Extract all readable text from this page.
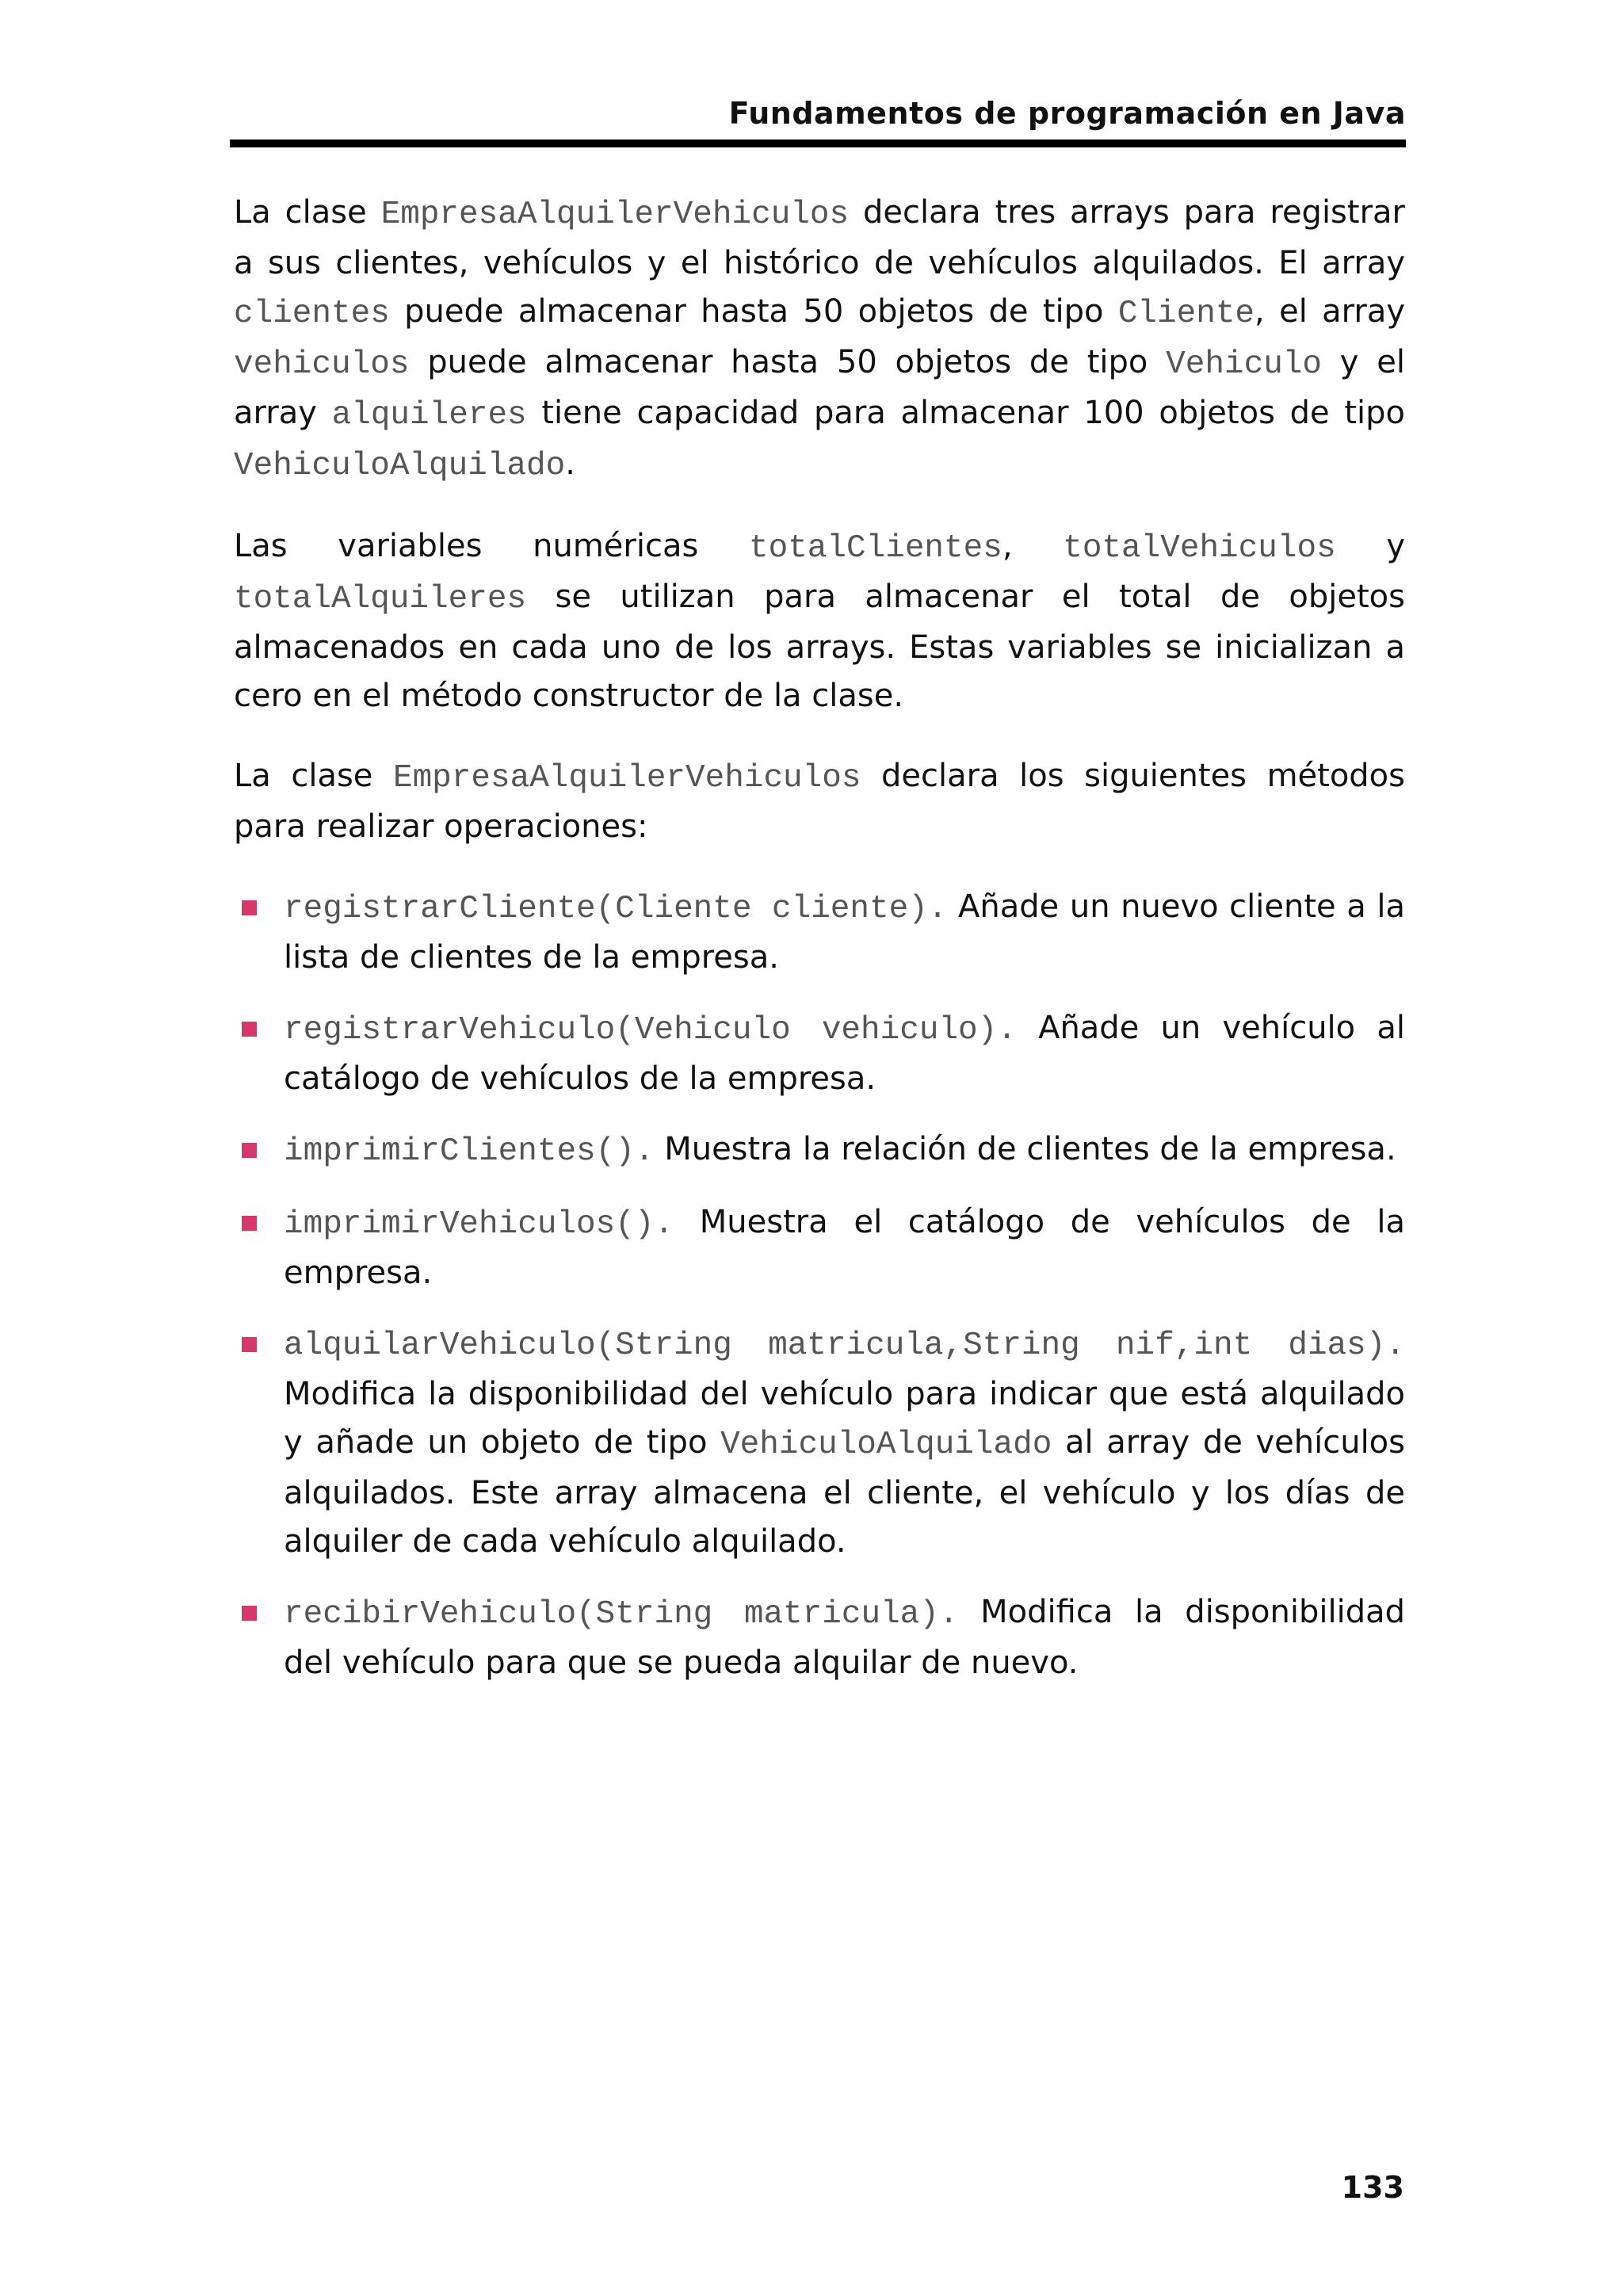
Fundamentos de programación en Java

La clase EmpresaAlquilerVehiculos declara tres arrays para registrar a sus clientes, vehículos y el histórico de vehículos alquilados. El array clientes puede almacenar hasta 50 objetos de tipo Cliente, el array vehiculos puede almacenar hasta 50 objetos de tipo Vehiculo y el array alquileres tiene capacidad para almacenar 100 objetos de tipo VehiculoAlquilado.

Las variables numéricas totalClientes, totalVehiculos y totalAlquileres se utilizan para almacenar el total de objetos almacenados en cada uno de los arrays. Estas variables se inicializan a cero en el método constructor de la clase.

La clase EmpresaAlquilerVehiculos declara los siguientes métodos para realizar operaciones:

registrarCliente(Cliente cliente). Añade un nuevo cliente a la lista de clientes de la empresa.
registrarVehiculo(Vehiculo vehiculo). Añade un vehículo al catálogo de vehículos de la empresa.
imprimirClientes(). Muestra la relación de clientes de la empresa.
imprimirVehiculos(). Muestra el catálogo de vehículos de la empresa.
alquilarVehiculo(String matricula,String nif,int dias). Modifica la disponibilidad del vehículo para indicar que está alquilado y añade un objeto de tipo VehiculoAlquilado al array de vehículos alquilados. Este array almacena el cliente, el vehículo y los días de alquiler de cada vehículo alquilado.
recibirVehiculo(String matricula). Modifica la disponibilidad del vehículo para que se pueda alquilar de nuevo.
133
